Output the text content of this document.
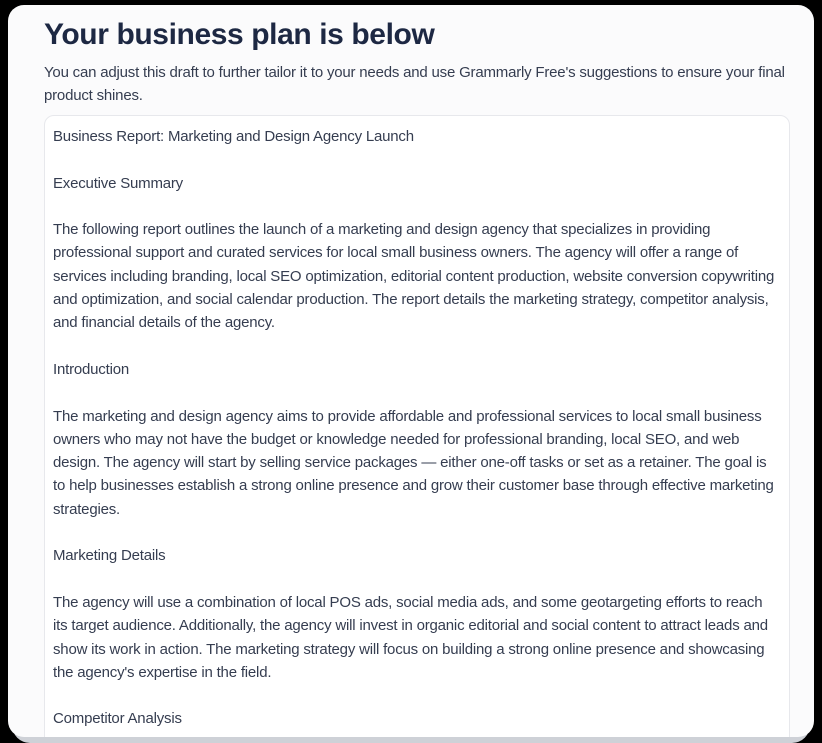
Your business plan is below

You can adjust this draft to further tailor it to your needs and use Grammarly Free's suggestions to ensure your final product shines.

Business Report: Marketing and Design Agency Launch

Executive Summary

The following report outlines the launch of a marketing and design agency that specializes in providing professional support and curated services for local small business owners. The agency will offer a range of services including branding, local SEO optimization, editorial content production, website conversion copywriting and optimization, and social calendar production. The report details the marketing strategy, competitor analysis, and financial details of the agency.

Introduction

The marketing and design agency aims to provide affordable and professional services to local small business owners who may not have the budget or knowledge needed for professional branding, local SEO, and web design. The agency will start by selling service packages — either one-off tasks or set as a retainer. The goal is to help businesses establish a strong online presence and grow their customer base through effective marketing strategies.

Marketing Details

The agency will use a combination of local POS ads, social media ads, and some geotargeting efforts to reach its target audience. Additionally, the agency will invest in organic editorial and social content to attract leads and show its work in action. The marketing strategy will focus on building a strong online presence and showcasing the agency's expertise in the field.

Competitor Analysis
